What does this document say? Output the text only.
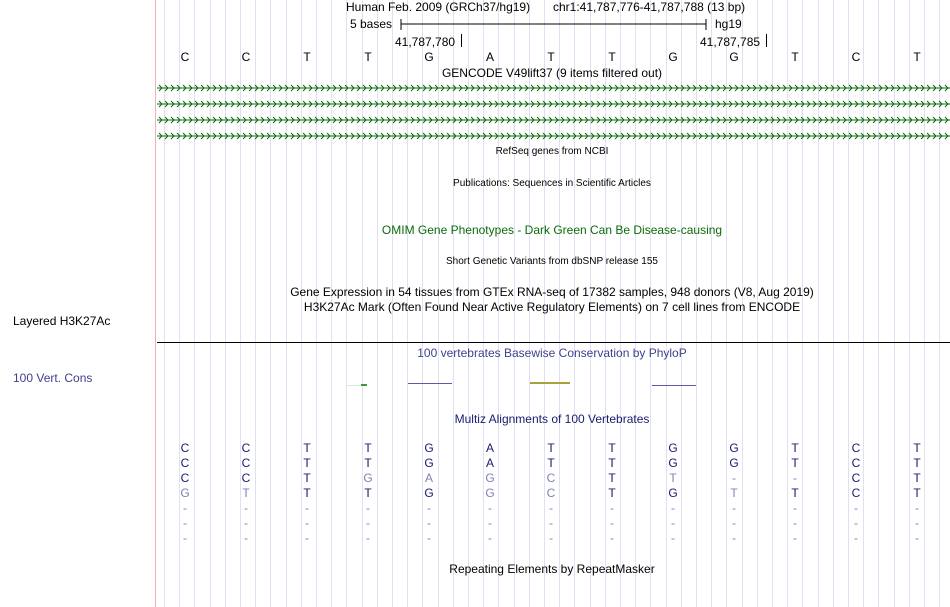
Layered H3K27Ac
100 Vert. Cons
Human Feb. 2009 (GRCh37/hg19) chr1:41,787,776-41,787,788 (13 bp)
5 bases	hg19
41,787,780	41,787,785
C	C	T	T	G	A	T	T	G	G	T	C	T
GENCODE V49lift37 (9 items filtered out)
RefSeq genes from NCBI
Publications: Sequences in Scientific Articles
OMIM Gene Phenotypes - Dark Green Can Be Disease-causing
Short Genetic Variants from dbSNP release 155
Gene Expression in 54 tissues from GTEx RNA-seq of 17382 samples, 948 donors (V8, Aug 2019)
H3K27Ac Mark (Often Found Near Active Regulatory Elements) on 7 cell lines from ENCODE
100 vertebrates Basewise Conservation by PhyloP
Multiz Alignments of 100 Vertebrates
C	C	T	T	G	A	T	T	G	G	T	C	T
C	C	T	T	G	A	T	T	G	G	T	C	T
C	C	T	G	A	G	C	T	T	-	-	C	T
G	T	T	T	G	G	C	T	G	T	T	C	T
-	-	-	-	-	-	-	-	-	-	-	-	-
-	-	-	-	-	-	-	-	-	-	-	-	-
-	-	-	-	-	-	-	-	-	-	-	-	-
Repeating Elements by RepeatMasker
